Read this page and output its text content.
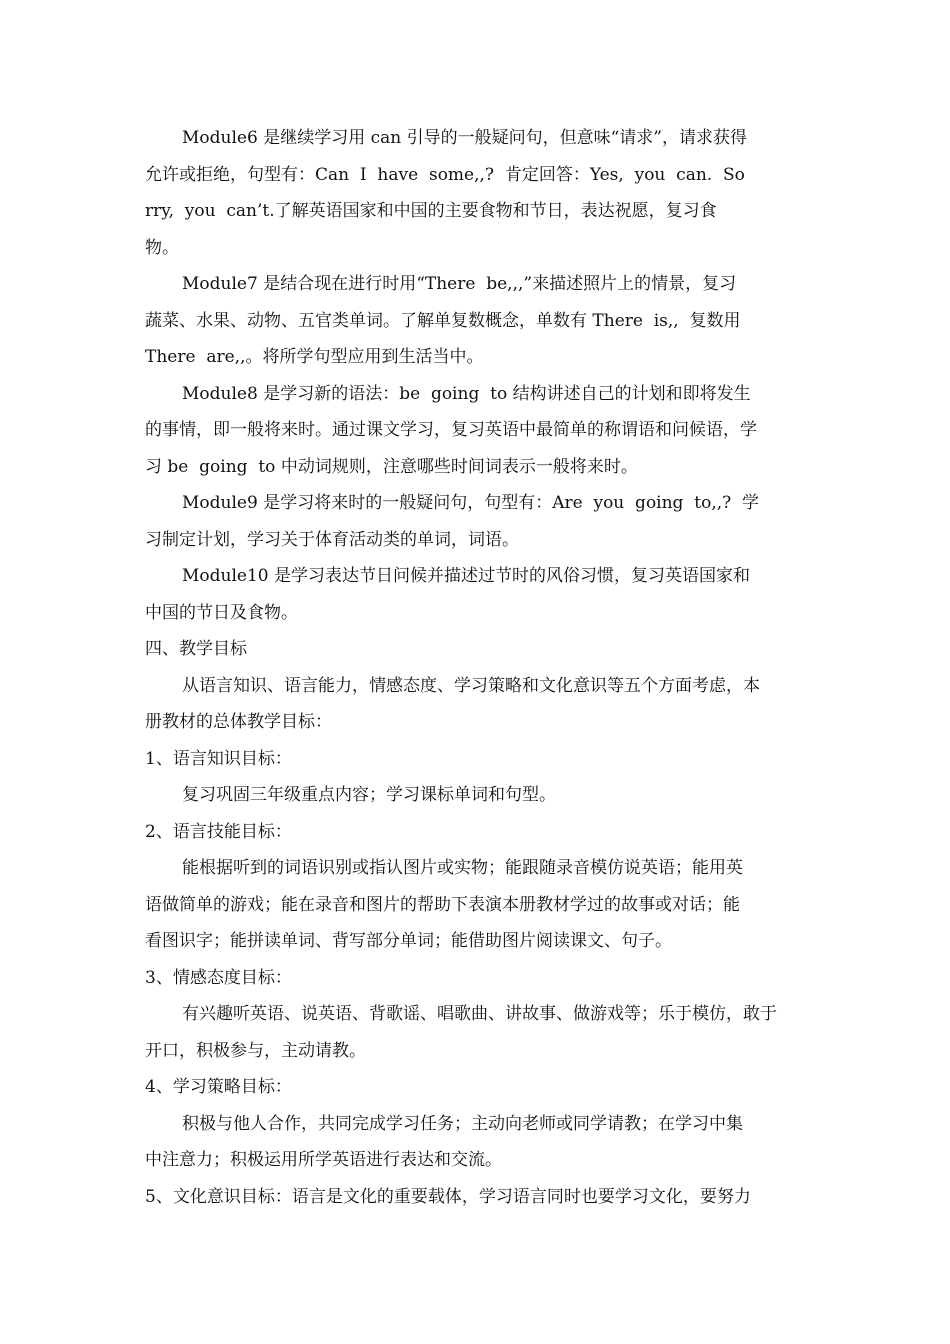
Module6 是继续学习用 can 引导的一般疑问句，但意味“请求”，请求获得
允许或拒绝，句型有：Can  I  have  some,,?  肯定回答：Yes,  you  can.  So
rry,  you  can’t.了解英语国家和中国的主要食物和节日，表达祝愿，复习食
物。
Module7 是结合现在进行时用“There  be,,,”来描述照片上的情景，复习
蔬菜、水果、动物、五官类单词。了解单复数概念，单数有 There  is,,  复数用
There  are,,。将所学句型应用到生活当中。
Module8 是学习新的语法：be  going  to 结构讲述自己的计划和即将发生
的事情，即一般将来时。通过课文学习，复习英语中最简单的称谓语和问候语，学
习 be  going  to 中动词规则，注意哪些时间词表示一般将来时。
Module9 是学习将来时的一般疑问句，句型有：Are  you  going  to,,?  学
习制定计划，学习关于体育活动类的单词，词语。
Module10 是学习表达节日问候并描述过节时的风俗习惯，复习英语国家和
中国的节日及食物。
四、教学目标
从语言知识、语言能力，情感态度、学习策略和文化意识等五个方面考虑，本
册教材的总体教学目标：
1、语言知识目标：
复习巩固三年级重点内容；学习课标单词和句型。
2、语言技能目标：
能根据听到的词语识别或指认图片或实物；能跟随录音模仿说英语；能用英
语做简单的游戏；能在录音和图片的帮助下表演本册教材学过的故事或对话；能
看图识字；能拼读单词、背写部分单词；能借助图片阅读课文、句子。
3、情感态度目标：
有兴趣听英语、说英语、背歌谣、唱歌曲、讲故事、做游戏等；乐于模仿，敢于
开口，积极参与，主动请教。
4、学习策略目标：
积极与他人合作，共同完成学习任务；主动向老师或同学请教；在学习中集
中注意力；积极运用所学英语进行表达和交流。
5、文化意识目标：语言是文化的重要载体，学习语言同时也要学习文化，要努力
